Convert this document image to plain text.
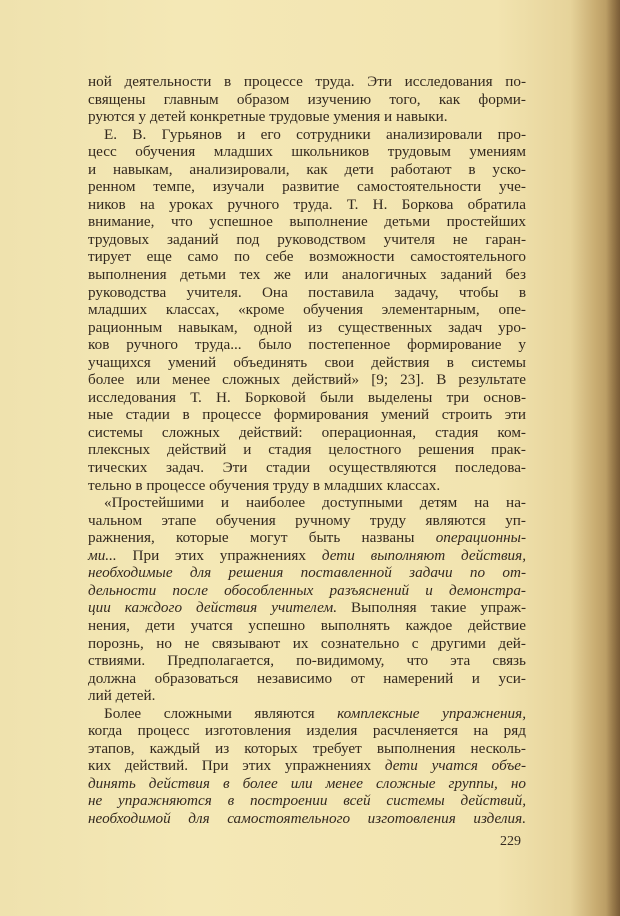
ной деятельности в процессе труда. Эти исследования по-
священы главным образом изучению того, как форми-
руются у детей конкретные трудовые умения и навыки.
Е. В. Гурьянов и его сотрудники анализировали про-
цесс обучения младших школьников трудовым умениям
и навыкам, анализировали, как дети работают в уско-
ренном темпе, изучали развитие самостоятельности уче-
ников на уроках ручного труда. Т. Н. Боркова обратила
внимание, что успешное выполнение детьми простейших
трудовых заданий под руководством учителя не гаран-
тирует еще само по себе возможности самостоятельного
выполнения детьми тех же или аналогичных заданий без
руководства учителя. Она поставила задачу, чтобы в
младших классах, «кроме обучения элементарным, опе-
рационным навыкам, одной из существенных задач уро-
ков ручного труда... было постепенное формирование у
учащихся умений объединять свои действия в системы
более или менее сложных действий» [9; 23]. В результате
исследования Т. Н. Борковой были выделены три основ-
ные стадии в процессе формирования умений строить эти
системы сложных действий: операционная, стадия ком-
плексных действий и стадия целостного решения прак-
тических задач. Эти стадии осуществляются последова-
тельно в процессе обучения труду в младших классах.
«Простейшими и наиболее доступными детям на на-
чальном этапе обучения ручному труду являются уп-
ражнения, которые могут быть названы операционны-
ми... При этих упражнениях дети выполняют действия,
необходимые для решения поставленной задачи по от-
дельности после обособленных разъяснений и демонстра-
ции каждого действия учителем. Выполняя такие упраж-
нения, дети учатся успешно выполнять каждое действие
порознь, но не связывают их сознательно с другими дей-
ствиями. Предполагается, по-видимому, что эта связь
должна образоваться независимо от намерений и уси-
лий детей.
Более сложными являются комплексные упражнения,
когда процесс изготовления изделия расчленяется на ряд
этапов, каждый из которых требует выполнения несколь-
ких действий. При этих упражнениях дети учатся объе-
динять действия в более или менее сложные группы, но
не упражняются в построении всей системы действий,
необходимой для самостоятельного изготовления изделия.
229
